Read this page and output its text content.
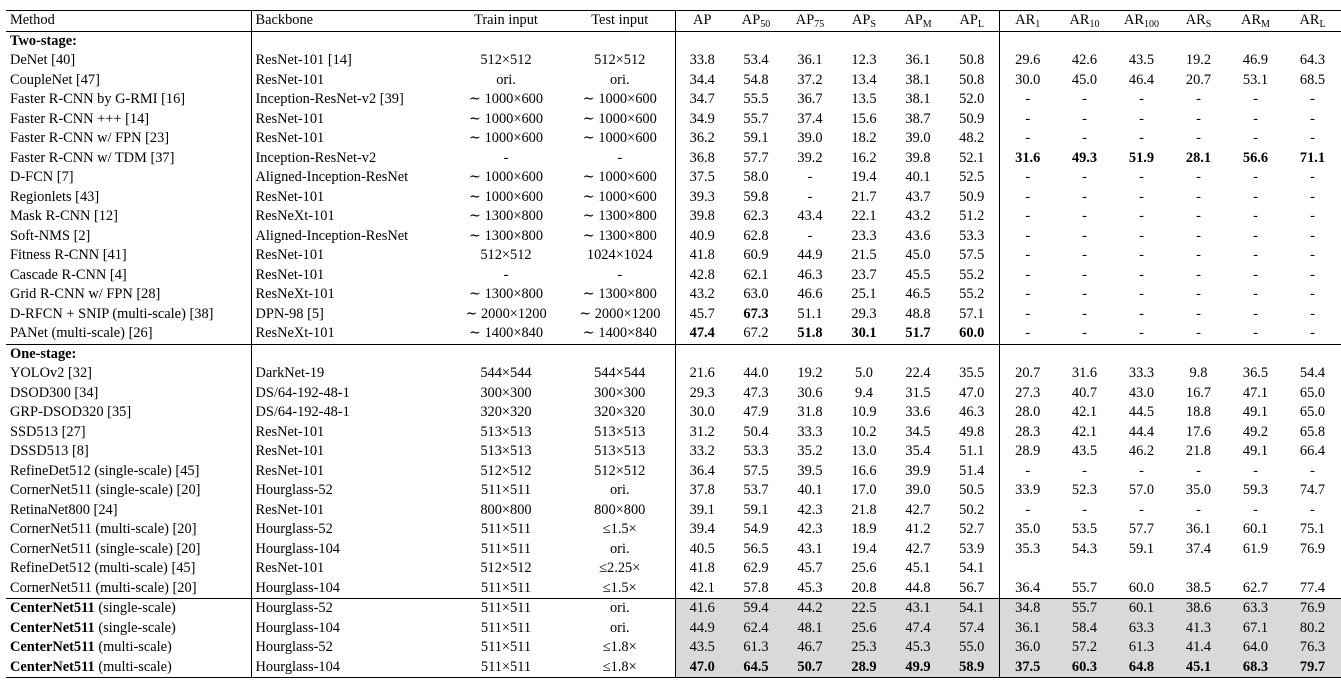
Method	Backbone	Train input	Test input	AP	$AP_{50}$	$AP_{75}$	$AP_S$	$AP_M$	$AP_L$	$AR_1$	$AR_{10}$	$AR_{100}$	$AR_S$	$AR_M$	$AR_L$
Two-stage:															
DeNet [40]	ResNet-101 [14]	512×512	512×512	33.8	53.4	36.1	12.3	36.1	50.8	29.6	42.6	43.5	19.2	46.9	64.3
CoupleNet [47]	ResNet-101	ori.	ori.	34.4	54.8	37.2	13.4	38.1	50.8	30.0	45.0	46.4	20.7	53.1	68.5
Faster R-CNN by G-RMI [16]	Inception-ResNet-v2 [39]	∼ 1000×600	∼ 1000×600	34.7	55.5	36.7	13.5	38.1	52.0	-	-	-	-	-	-
Faster R-CNN +++ [14]	ResNet-101	∼ 1000×600	∼ 1000×600	34.9	55.7	37.4	15.6	38.7	50.9	-	-	-	-	-	-
Faster R-CNN w/ FPN [23]	ResNet-101	∼ 1000×600	∼ 1000×600	36.2	59.1	39.0	18.2	39.0	48.2	-	-	-	-	-	-
Faster R-CNN w/ TDM [37]	Inception-ResNet-v2	-	-	36.8	57.7	39.2	16.2	39.8	52.1	31.6	49.3	51.9	28.1	56.6	71.1
D-FCN [7]	Aligned-Inception-ResNet	∼ 1000×600	∼ 1000×600	37.5	58.0	-	19.4	40.1	52.5	-	-	-	-	-	-
Regionlets [43]	ResNet-101	∼ 1000×600	∼ 1000×600	39.3	59.8	-	21.7	43.7	50.9	-	-	-	-	-	-
Mask R-CNN [12]	ResNeXt-101	∼ 1300×800	∼ 1300×800	39.8	62.3	43.4	22.1	43.2	51.2	-	-	-	-	-	-
Soft-NMS [2]	Aligned-Inception-ResNet	∼ 1300×800	∼ 1300×800	40.9	62.8	-	23.3	43.6	53.3	-	-	-	-	-	-
Fitness R-CNN [41]	ResNet-101	512×512	1024×1024	41.8	60.9	44.9	21.5	45.0	57.5	-	-	-	-	-	-
Cascade R-CNN [4]	ResNet-101	-	-	42.8	62.1	46.3	23.7	45.5	55.2	-	-	-	-	-	-
Grid R-CNN w/ FPN [28]	ResNeXt-101	∼ 1300×800	∼ 1300×800	43.2	63.0	46.6	25.1	46.5	55.2	-	-	-	-	-	-
D-RFCN + SNIP (multi-scale) [38]	DPN-98 [5]	∼ 2000×1200	∼ 2000×1200	45.7	67.3	51.1	29.3	48.8	57.1	-	-	-	-	-	-
PANet (multi-scale) [26]	ResNeXt-101	∼ 1400×840	∼ 1400×840	47.4	67.2	51.8	30.1	51.7	60.0	-	-	-	-	-	-
One-stage:															
YOLOv2 [32]	DarkNet-19	544×544	544×544	21.6	44.0	19.2	5.0	22.4	35.5	20.7	31.6	33.3	9.8	36.5	54.4
DSOD300 [34]	DS/64-192-48-1	300×300	300×300	29.3	47.3	30.6	9.4	31.5	47.0	27.3	40.7	43.0	16.7	47.1	65.0
GRP-DSOD320 [35]	DS/64-192-48-1	320×320	320×320	30.0	47.9	31.8	10.9	33.6	46.3	28.0	42.1	44.5	18.8	49.1	65.0
SSD513 [27]	ResNet-101	513×513	513×513	31.2	50.4	33.3	10.2	34.5	49.8	28.3	42.1	44.4	17.6	49.2	65.8
DSSD513 [8]	ResNet-101	513×513	513×513	33.2	53.3	35.2	13.0	35.4	51.1	28.9	43.5	46.2	21.8	49.1	66.4
RefineDet512 (single-scale) [45]	ResNet-101	512×512	512×512	36.4	57.5	39.5	16.6	39.9	51.4	-	-	-	-	-	-
CornerNet511 (single-scale) [20]	Hourglass-52	511×511	ori.	37.8	53.7	40.1	17.0	39.0	50.5	33.9	52.3	57.0	35.0	59.3	74.7
RetinaNet800 [24]	ResNet-101	800×800	800×800	39.1	59.1	42.3	21.8	42.7	50.2	-	-	-	-	-	-
CornerNet511 (multi-scale) [20]	Hourglass-52	511×511	≤1.5×	39.4	54.9	42.3	18.9	41.2	52.7	35.0	53.5	57.7	36.1	60.1	75.1
CornerNet511 (single-scale) [20]	Hourglass-104	511×511	ori.	40.5	56.5	43.1	19.4	42.7	53.9	35.3	54.3	59.1	37.4	61.9	76.9
RefineDet512 (multi-scale) [45]	ResNet-101	512×512	≤2.25×	41.8	62.9	45.7	25.6	45.1	54.1						
CornerNet511 (multi-scale) [20]	Hourglass-104	511×511	≤1.5×	42.1	57.8	45.3	20.8	44.8	56.7	36.4	55.7	60.0	38.5	62.7	77.4
CenterNet511 (single-scale)	Hourglass-52	511×511	ori.	41.6	59.4	44.2	22.5	43.1	54.1	34.8	55.7	60.1	38.6	63.3	76.9
CenterNet511 (single-scale)	Hourglass-104	511×511	ori.	44.9	62.4	48.1	25.6	47.4	57.4	36.1	58.4	63.3	41.3	67.1	80.2
CenterNet511 (multi-scale)	Hourglass-52	511×511	≤1.8×	43.5	61.3	46.7	25.3	45.3	55.0	36.0	57.2	61.3	41.4	64.0	76.3
CenterNet511 (multi-scale)	Hourglass-104	511×511	≤1.8×	47.0	64.5	50.7	28.9	49.9	58.9	37.5	60.3	64.8	45.1	68.3	79.7
